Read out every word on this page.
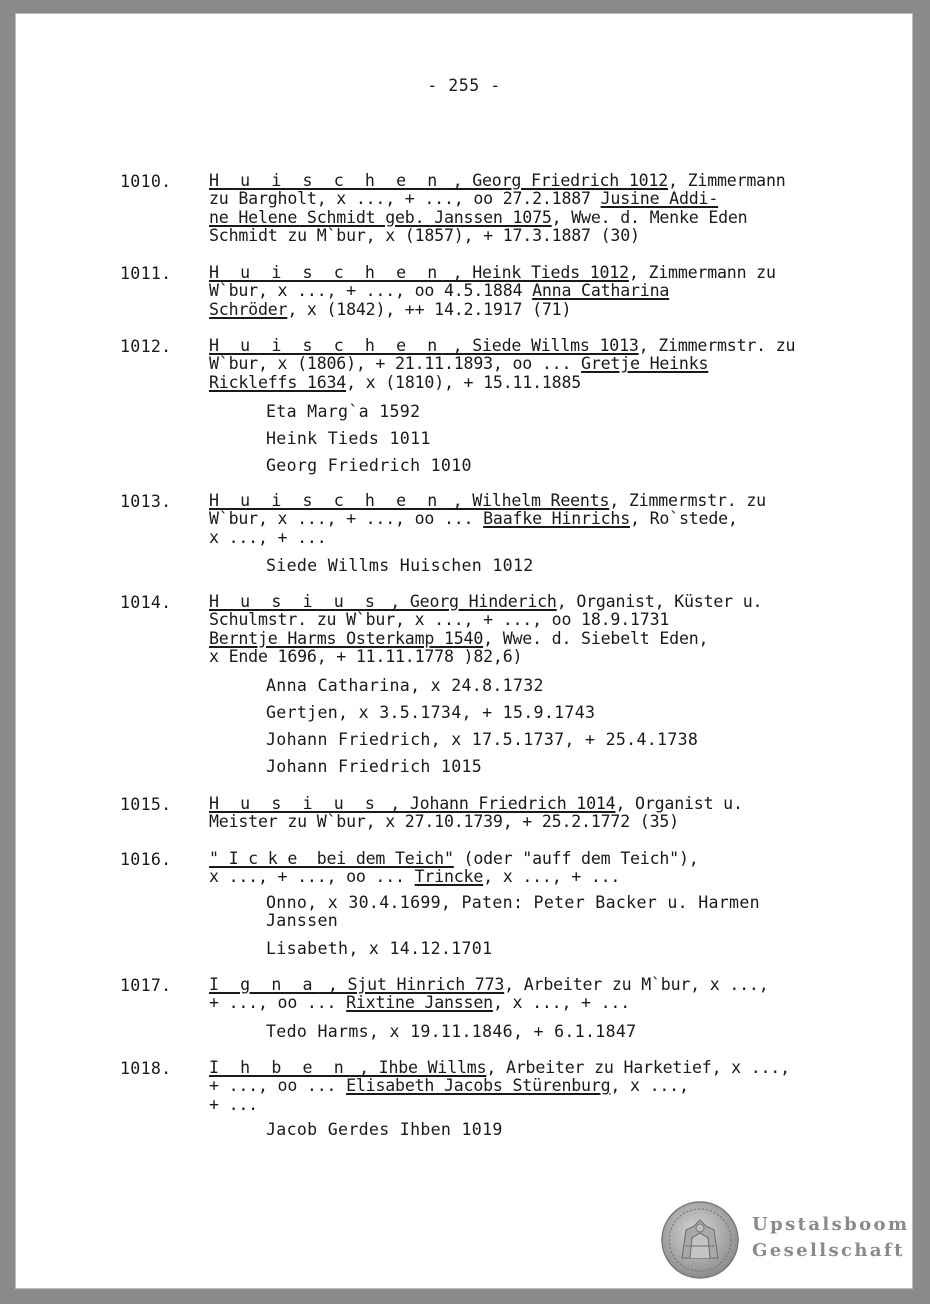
- 255 -
1010. H u i s c h e n , Georg Friedrich 1012, Zimmermann
zu Bargholt, x ..., + ..., oo 27.2.1887 Jusine Addi-
ne Helene Schmidt geb. Janssen 1075, Wwe. d. Menke Eden
Schmidt zu M`bur, x (1857), + 17.3.1887 (30)
1011. H u i s c h e n , Heink Tieds 1012, Zimmermann zu
W`bur, x ..., + ..., oo 4.5.1884 Anna Catharina
Schröder, x (1842), ++ 14.2.1917 (71)
1012. H u i s c h e n , Siede Willms 1013, Zimmermstr. zu
W`bur, x (1806), + 21.11.1893, oo ... Gretje Heinks
Rickleffs 1634, x (1810), + 15.11.1885
Eta Marg`a 1592
Heink Tieds 1011
Georg Friedrich 1010
1013. H u i s c h e n , Wilhelm Reents, Zimmermstr. zu
W`bur, x ..., + ..., oo ... Baafke Hinrichs, Ro`stede,
x ..., + ...
Siede Willms Huischen 1012
1014. H u s i u s , Georg Hinderich, Organist, Küster u.
Schulmstr. zu W`bur, x ..., + ..., oo 18.9.1731
Berntje Harms Osterkamp 1540, Wwe. d. Siebelt Eden,
x Ende 1696, + 11.11.1778 )82,6)
Anna Catharina, x 24.8.1732
Gertjen, x 3.5.1734, + 15.9.1743
Johann Friedrich, x 17.5.1737, + 25.4.1738
Johann Friedrich 1015
1015. H u s i u s , Johann Friedrich 1014, Organist u.
Meister zu W`bur, x 27.10.1739, + 25.2.1772 (35)
1016. " I c k e  bei dem Teich" (oder "auff dem Teich"),
x ..., + ..., oo ... Trincke, x ..., + ...
Onno, x 30.4.1699, Paten: Peter Backer u. Harmen Janssen
Lisabeth, x 14.12.1701
1017. I g n a , Sjut Hinrich 773, Arbeiter zu M`bur, x ...,
+ ..., oo ... Rixtine Janssen, x ..., + ...
Tedo Harms, x 19.11.1846, + 6.1.1847
1018. I h b e n , Ihbe Willms, Arbeiter zu Harketief, x ...,
+ ..., oo ... Elisabeth Jacobs Stürenburg, x ...,
+ ...
Jacob Gerdes Ihben 1019
Upstalsboom
Gesellschaft
